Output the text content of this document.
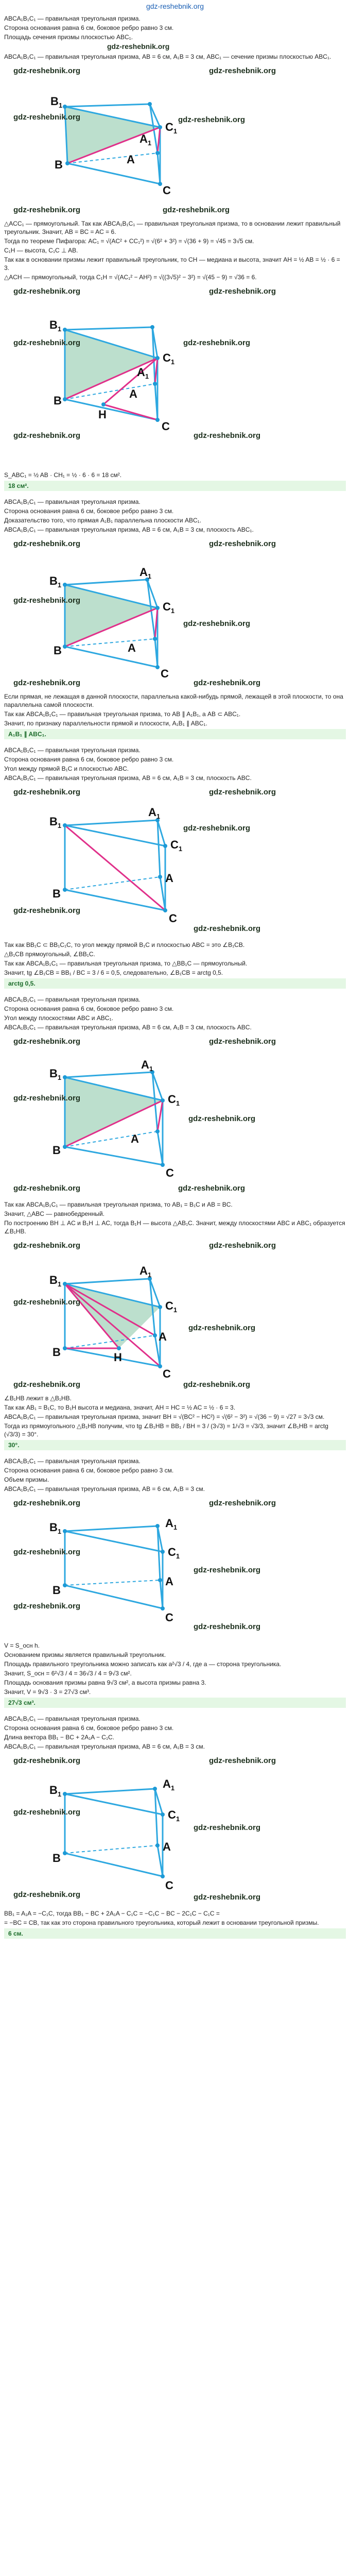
gdz-reshebnik.org

ABCA₁B₁C₁ — правильная треугольная призма.

Сторона основания равна 6 см, боковое ребро равно 3 см.

Площадь сечения призмы плоскостью ABC₁.

gdz-reshebnik.org

ABCA₁B₁C₁ — правильная треугольная призма, AB = 6 см, A₁B = 3 см, ABC₁ — сечение призмы плоскостью ABC₁.

gdz-reshebnik.org	gdz-reshebnik.org
$B_1$
$C_1$
$A_1$
B	A
C
gdz-reshebnik.org	gdz-reshebnik.org
gdz-reshebnik.org	gdz-reshebnik.org

△ACC₁ — прямоугольный. Так как ABCA₁B₁C₁ — правильная треугольная призма, то в основании лежит правильный треугольник. Значит, AB = BC = AC = 6.

Тогда по теореме Пифагора: AC₁ = √(AC² + CC₁²) = √(6² + 3²) = √(36 + 9) = √45 = 3√5 см.

C₁H — высота, C₁C ⊥ AB.

Так как в основании призмы лежит правильный треугольник, то CH — медиана и высота, значит AH = ½ AB = ½ · 6 = 3.

△ACH — прямоугольный, тогда C₁H = √(AC₁² − AH²) = √((3√5)² − 3²) = √(45 − 9) = √36 = 6.

gdz-reshebnik.org	gdz-reshebnik.org
$B_1$
$C_1$
$A_1$
B
A
H
C
gdz-reshebnik.org	gdz-reshebnik.org
gdz-reshebnik.org	gdz-reshebnik.org

S_ABC₁ = ½ AB · CH₁ = ½ · 6 · 6 = 18 см².

18 см².

ABCA₁B₁C₁ — правильная треугольная призма.

Сторона основания равна 6 см, боковое ребро равно 3 см.

Доказательство того, что прямая A₁B₁ параллельна плоскости ABC₁.

ABCA₁B₁C₁ — правильная треугольная призма, AB = 6 см, A₁B = 3 см, плоскость ABC₁.

gdz-reshebnik.org	gdz-reshebnik.org
$B_1$
$A_1$
$C_1$
B	A
C
gdz-reshebnik.org
gdz-reshebnik.org
gdz-reshebnik.org	gdz-reshebnik.org

Если прямая, не лежащая в данной плоскости, параллельна какой-нибудь прямой, лежащей в этой плоскости, то она параллельна самой плоскости.

Так как ABCA₁B₁C₁ — правильная треугольная призма, то AB ∥ A₁B₁, а AB ⊂ ABC₁.

Значит, по признаку параллельности прямой и плоскости, A₁B₁ ∥ ABC₁.

A₁B₁ ∥ ABC₁.

ABCA₁B₁C₁ — правильная треугольная призма.

Сторона основания равна 6 см, боковое ребро равно 3 см.

Угол между прямой B₁C и плоскостью ABC.

ABCA₁B₁C₁ — правильная треугольная призма, AB = 6 см, A₁B = 3 см, плоскость ABC.

gdz-reshebnik.org	gdz-reshebnik.org
$B_1$
$A_1$
$C_1$
B
A
C
gdz-reshebnik.org
gdz-reshebnik.org
gdz-reshebnik.org

Так как BB₁C ⊂ BB₁C₁C, то угол между прямой B₁C и плоскостью ABC = это ∠B₁CB.

△B₁CB прямоугольный, ∠BB₁C.

Так как ABCA₁B₁C₁ — правильная треугольная призма, то △BB₁C — прямоугольный.

Значит, tg ∠B₁CB = BB₁ / BC = 3 / 6 = 0,5, следовательно, ∠B₁CB = arctg 0,5.

arctg 0,5.

ABCA₁B₁C₁ — правильная треугольная призма.

Сторона основания равна 6 см, боковое ребро равно 3 см.

Угол между плоскостями ABC и ABC₁.

ABCA₁B₁C₁ — правильная треугольная призма, AB = 6 см, A₁B = 3 см, плоскость ABC.

gdz-reshebnik.org	gdz-reshebnik.org
$B_1$
$A_1$
$C_1$
B
A
C
gdz-reshebnik.org
gdz-reshebnik.org
gdz-reshebnik.org	gdz-reshebnik.org

Так как ABCA₁B₁C₁ — правильная треугольная призма, то AB₁ = B₁C и AB = BC.

Значит, △ABC — равнобедренный.

По построению BH ⊥ AC и B₁H ⊥ AC, тогда B₁H — высота △AB₁C. Значит, между плоскостями ABC и ABC₁ образуется ∠B₁HB.

gdz-reshebnik.org	gdz-reshebnik.org
$B_1$
$A_1$
$C_1$
B
A
H
C
gdz-reshebnik.org
gdz-reshebnik.org
gdz-reshebnik.org	gdz-reshebnik.org

∠B₁HB лежит в △B₁HB.

Так как AB₁ = B₁C, то B₁H высота и медиана, значит, AH = HC = ½ AC = ½ · 6 = 3.

ABCA₁B₁C₁ — правильная треугольная призма, значит BH = √(BC² − HC²) = √(6² − 3²) = √(36 − 9) = √27 = 3√3 см.

Тогда из прямоугольного △B₁HB получим, что tg ∠B₁HB = BB₁ / BH = 3 / (3√3) = 1/√3 = √3/3, значит ∠B₁HB = arctg (√3/3) = 30°.

30°.

ABCA₁B₁C₁ — правильная треугольная призма.

Сторона основания равна 6 см, боковое ребро равно 3 см.

Объем призмы.

ABCA₁B₁C₁ — правильная треугольная призма, AB = 6 см, A₁B = 3 см.

gdz-reshebnik.org	gdz-reshebnik.org
$B_1$
$A_1$
$C_1$
B
A
C
gdz-reshebnik.org
gdz-reshebnik.org
gdz-reshebnik.org
gdz-reshebnik.org

V = S_осн h.

Основанием призмы является правильный треугольник.

Площадь правильного треугольника можно записать как a²√3 / 4, где a — сторона треугольника.

Значит, S_осн = 6²√3 / 4 = 36√3 / 4 = 9√3 см².

Площадь основания призмы равна 9√3 см², а высота призмы равна 3.

Значит, V = 9√3 · 3 = 27√3 см³.

27√3 см³.

ABCA₁B₁C₁ — правильная треугольная призма.

Сторона основания равна 6 см, боковое ребро равно 3 см.

Длина вектора BB₁ − BC + 2A₁A − C₁C.

ABCA₁B₁C₁ — правильная треугольная призма, AB = 6 см, A₁B = 3 см.

gdz-reshebnik.org	gdz-reshebnik.org
$B_1$
$A_1$
$C_1$
B
A
C
gdz-reshebnik.org
gdz-reshebnik.org
gdz-reshebnik.org	gdz-reshebnik.org

BB₁ = A₁A = −C₁C, тогда BB₁ − BC + 2A₁A − C₁C = −C₁C − BC − 2C₁C − C₁C =

= −BC = CB, так как это сторона правильного треугольника, который лежит в основании треугольной призмы.

6 см.
